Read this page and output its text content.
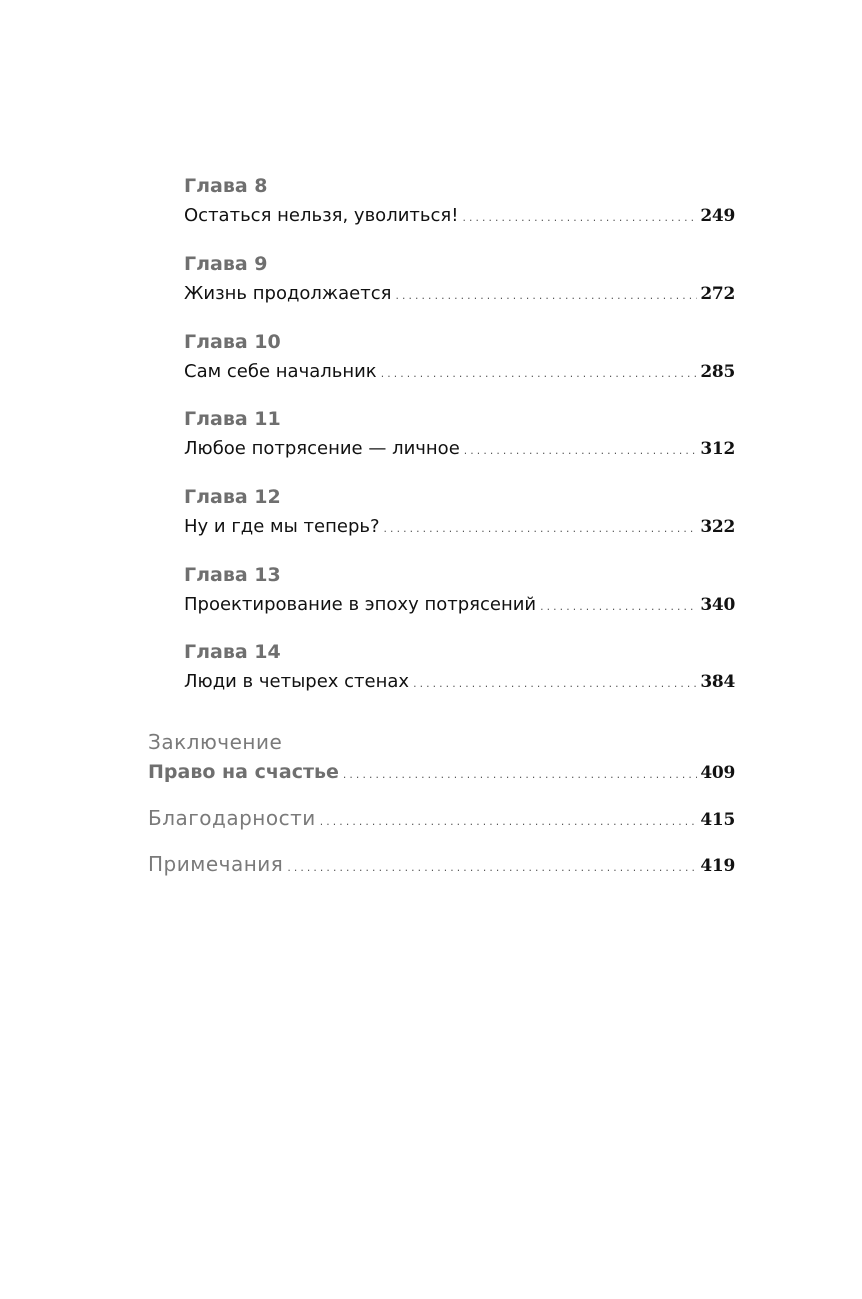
Глава 8
Остаться нельзя, уволиться! .....	249
Глава 9
Жизнь продолжается .....	272
Глава 10
Сам себе начальник .....	285
Глава 11
Любое потрясение — личное .....	312
Глава 12
Ну и где мы теперь? .....	322
Глава 13
Проектирование в эпоху потрясений .....	340
Глава 14
Люди в четырех стенах .....	384
Заключение
Право на счастье .....	409
Благодарности .....	415
Примечания .....	419
